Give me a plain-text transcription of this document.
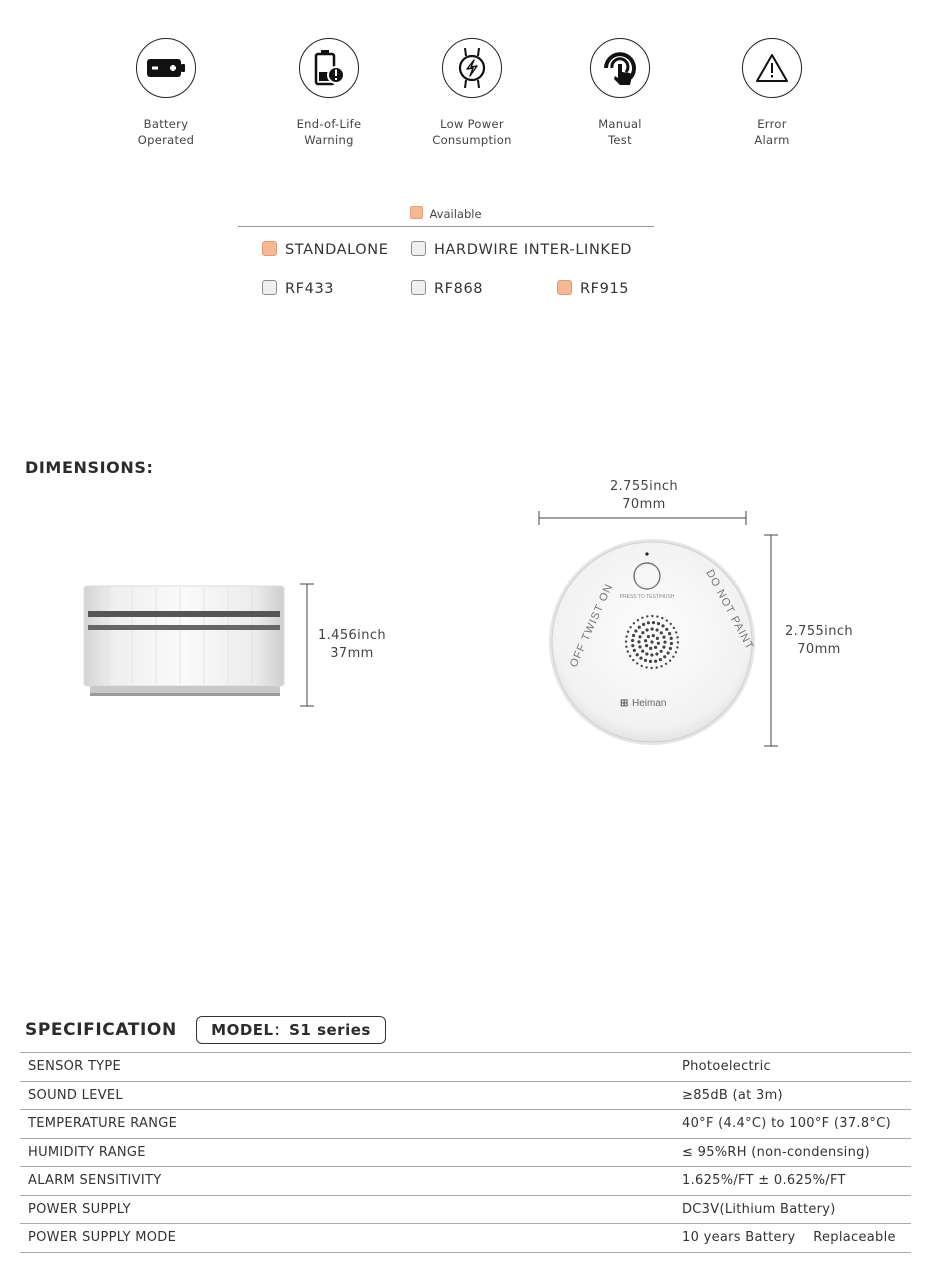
Battery
Operated
End-of-Life
Warning
Low Power
Consumption
Manual
Test
Error
Alarm
Available
STANDALONE	HARDWIRE INTER-LINKED
RF433	RF868	RF915
DIMENSIONS:
1.456inch
37mm
2.755inch
70mm
PRESS TO TEST/HUSH
OFF TWIST ON	DO NOT PAINT
⊞ Heiman
2.755inch
70mm
SPECIFICATION	MODEL：S1 series
SENSOR TYPE	Photoelectric
SOUND LEVEL	≥85dB (at 3m)
TEMPERATURE RANGE	40°F (4.4°C) to 100°F (37.8°C)
HUMIDITY RANGE	≤ 95%RH (non-condensing)
ALARM SENSITIVITY	1.625%/FT ± 0.625%/FT
POWER SUPPLY	DC3V(Lithium Battery)
POWER SUPPLY MODE	10 years Battery    Replaceable
